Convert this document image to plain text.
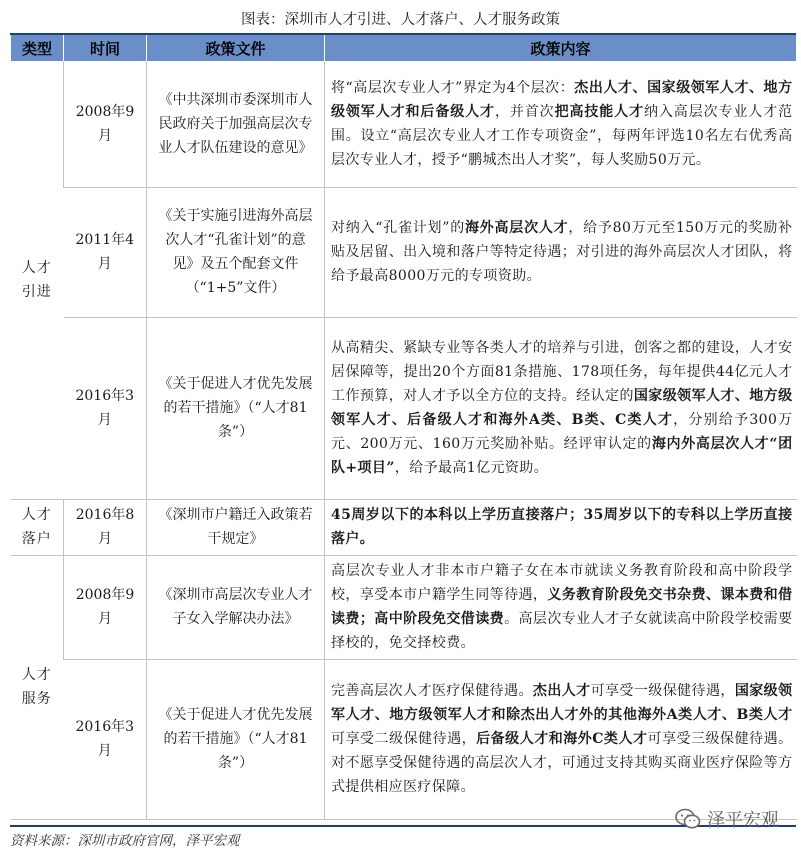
图表：深圳市人才引进、人才落户、人才服务政策
类型	时间	政策文件	政策内容
人才引进	2008年9月	《中共深圳市委深圳市人民政府关于加强高层次专业人才队伍建设的意见》	将“高层次专业人才”界定为4个层次：杰出人才、国家级领军人才、地方级领军人才和后备级人才，并首次把高技能人才纳入高层次专业人才范围。设立“高层次专业人才工作专项资金”，每两年评选10名左右优秀高层次专业人才，授予“鹏城杰出人才奖”，每人奖励50万元。
	2011年4月	《关于实施引进海外高层次人才“孔雀计划”的意见》及五个配套文件（“1+5”文件）	对纳入“孔雀计划”的海外高层次人才，给予80万元至150万元的奖励补贴及居留、出入境和落户等特定待遇；对引进的海外高层次人才团队，将给予最高8000万元的专项资助。
	2016年3月	《关于促进人才优先发展的若干措施》（“人才81条”）	从高精尖、紧缺专业等各类人才的培养与引进，创客之都的建设，人才安居保障等，提出20个方面81条措施、178项任务，每年提供44亿元人才工作预算，对人才予以全方位的支持。经认定的国家级领军人才、地方级领军人才、后备级人才和海外A类、B类、C类人才，分别给予300万元、200万元、160万元奖励补贴。经评审认定的海内外高层次人才“团队+项目”，给予最高1亿元资助。
人才落户	2016年8月	《深圳市户籍迁入政策若干规定》	45周岁以下的本科以上学历直接落户；35周岁以下的专科以上学历直接落户。
人才服务	2008年9月	《深圳市高层次专业人才子女入学解决办法》	高层次专业人才非本市户籍子女在本市就读义务教育阶段和高中阶段学校，享受本市户籍学生同等待遇，义务教育阶段免交书杂费、课本费和借读费；高中阶段免交借读费。高层次专业人才子女就读高中阶段学校需要择校的，免交择校费。
	2016年3月	《关于促进人才优先发展的若干措施》（“人才81条”）	完善高层次人才医疗保健待遇。杰出人才可享受一级保健待遇，国家级领军人才、地方级领军人才和除杰出人才外的其他海外A类人才、B类人才可享受二级保健待遇，后备级人才和海外C类人才可享受三级保健待遇。对不愿享受保健待遇的高层次人才，可通过支持其购买商业医疗保险等方式提供相应医疗保障。
资料来源：深圳市政府官网，泽平宏观
泽平宏观
